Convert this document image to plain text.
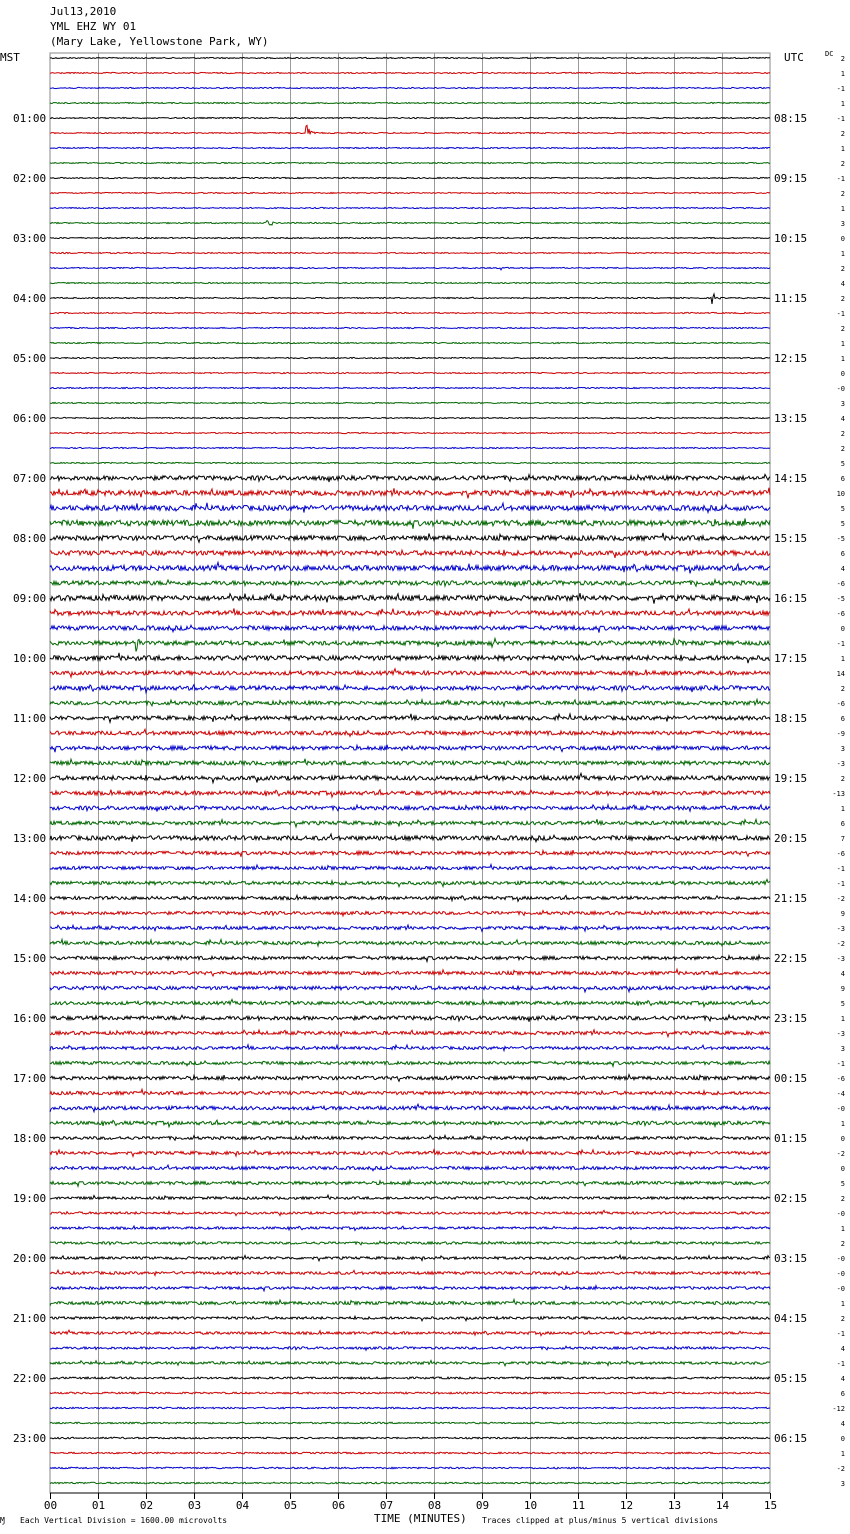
Jul13,2010
YML EHZ WY 01
(Mary Lake, Yellowstone Park, WY)
MST	UTC	DC
01:00
02:00
03:00
04:00
05:00
06:00
07:00
08:00
09:00
10:00
11:00
12:00
13:00
14:00
15:00
16:00
17:00
18:00
19:00
20:00
21:00
22:00
23:00
08:15
09:15
10:15
11:15
12:15
13:15
14:15
15:15
16:15
17:15
18:15
19:15
20:15
21:15
22:15
23:15
00:15
01:15
02:15
03:15
04:15
05:15
06:15
2
1
-1
1
-1
2
1
2
-1
2
1
3
0
1
2
4
2
-1
2
1
1
0
-0
3
4
2
2
5
6
10
5
5
-5
6
4
-6
-5
-6
0
-1
1
14
2
-6
6
-9
3
-3
2
-13
1
6
7
-6
-1
-1
-2
9
-3
-2
-3
4
9
5
1
-3
3
-1
-6
-4
-0
1
0
-2
0
5
2
-0
1
2
-0
-0
-0
1
2
-1
4
-1
4
6
-12
4
0
1
-2
3
00	01	02	03	04	05	06	07	08	09	10	11	12	13	14	15
Ɱ Each Vertical Division = 1600.00 microvolts	TIME (MINUTES) Traces clipped at plus/minus 5 vertical divisions
